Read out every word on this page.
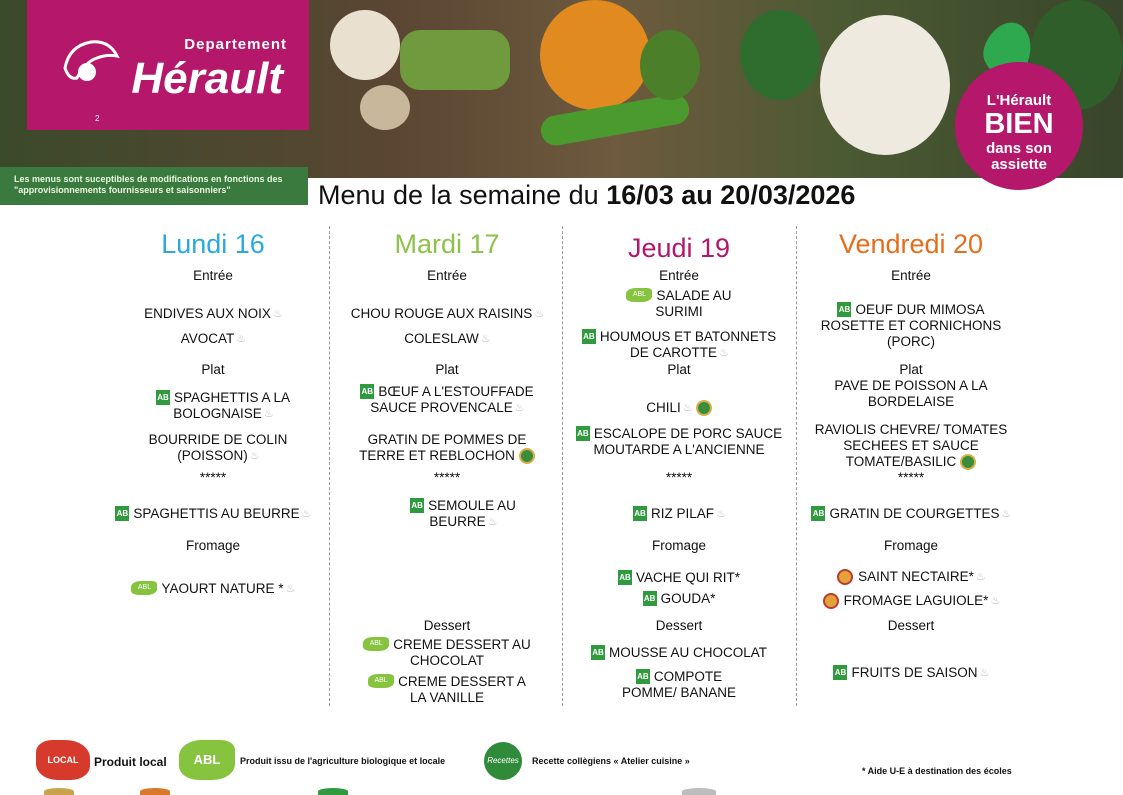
Departement
Hérault
2
Les menus sont suceptibles de modifications en fonctions des "approvisionnements fournisseurs et saisonniers"
L'Hérault
BIEN
dans son
assiette
Menu de la semaine du 16/03 au 20/03/2026
Lundi 16
Entrée
ENDIVES AUX NOIX ♨
AVOCAT ♨
Plat
AB SPAGHETTIS A LA BOLOGNAISE ♨
BOURRIDE DE COLIN (POISSON) ♨
*****
AB SPAGHETTIS AU BEURRE ♨
Fromage
ABL YAOURT NATURE * ♨
Mardi 17
Entrée
CHOU ROUGE AUX RAISINS ♨
COLESLAW ♨
Plat
AB BŒUF A L'ESTOUFFADE SAUCE PROVENCALE ♨
GRATIN DE POMMES DE TERRE ET REBLOCHON
*****
AB SEMOULE AU BEURRE ♨
Dessert
ABL CREME DESSERT AU CHOCOLAT
ABL CREME DESSERT A LA VANILLE
Jeudi 19
Entrée
ABL SALADE AU SURIMI
AB HOUMOUS ET BATONNETS DE CAROTTE ♨
Plat
CHILI ♨
AB ESCALOPE DE PORC SAUCE MOUTARDE A L'ANCIENNE
*****
AB RIZ PILAF ♨
Fromage
AB VACHE QUI RIT*
AB GOUDA*
Dessert
AB MOUSSE AU CHOCOLAT
AB COMPOTE POMME/ BANANE
Vendredi 20
Entrée
AB OEUF DUR MIMOSA ROSETTE ET CORNICHONS (PORC)
Plat
PAVE DE POISSON A LA BORDELAISE
RAVIOLIS CHEVRE/ TOMATES SECHEES ET SAUCE TOMATE/BASILIC
*****
AB GRATIN DE COURGETTES ♨
Fromage
SAINT NECTAIRE* ♨
FROMAGE LAGUIOLE* ♨
Dessert
AB FRUITS DE SAISON ♨
LOCAL	Produit local	ABL	Produit issu de l'agriculture biologique et locale	Recettes	Recette collègiens « Atelier cuisine »
* Aide U-E à destination des écoles
